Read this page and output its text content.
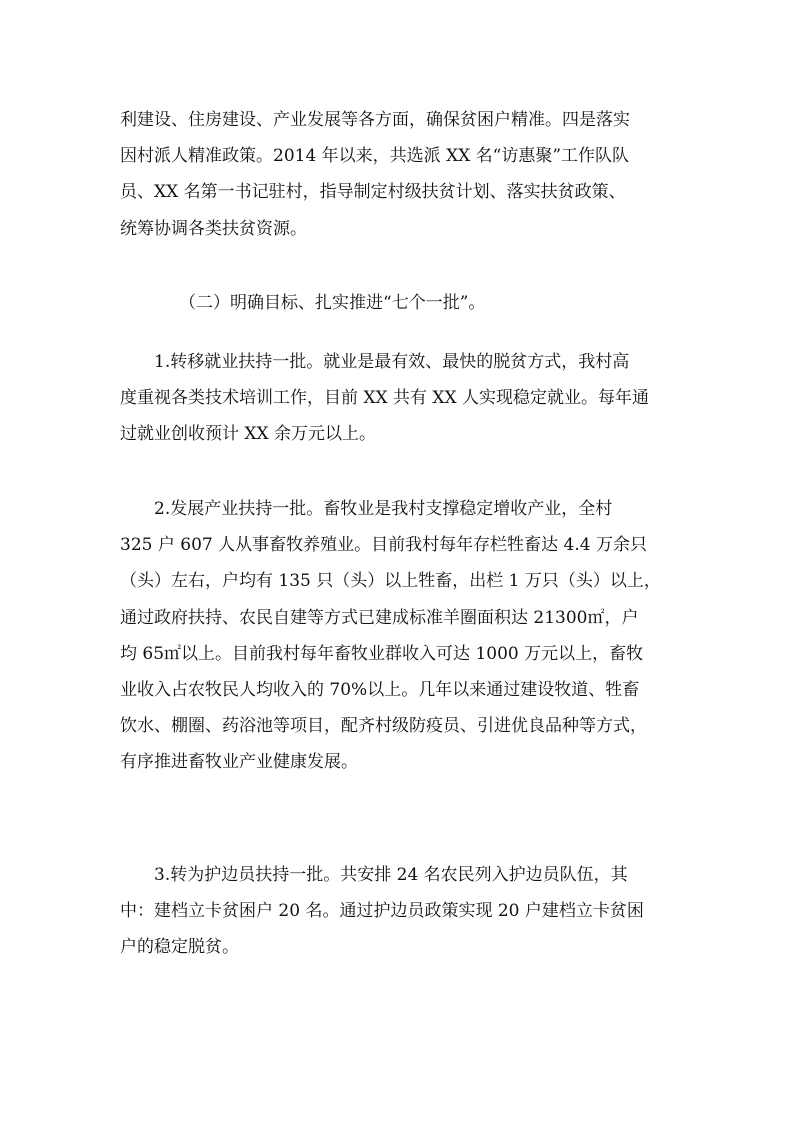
利建设、住房建设、产业发展等各方面，确保贫困户精准。四是落实
因村派人精准政策。2014 年以来，共选派 XX 名“访惠聚”工作队队
员、XX 名第一书记驻村，指导制定村级扶贫计划、落实扶贫政策、
统筹协调各类扶贫资源。

（二）明确目标、扎实推进“七个一批”。

1.转移就业扶持一批。就业是最有效、最快的脱贫方式，我村高
度重视各类技术培训工作，目前 XX 共有 XX 人实现稳定就业。每年通
过就业创收预计 XX 余万元以上。

2.发展产业扶持一批。畜牧业是我村支撑稳定增收产业，全村
325 户 607 人从事畜牧养殖业。目前我村每年存栏牲畜达 4.4 万余只
（头）左右，户均有 135 只（头）以上牲畜，出栏 1 万只（头）以上，
通过政府扶持、农民自建等方式已建成标准羊圈面积达 21300㎡，户
均 65㎡以上。目前我村每年畜牧业群收入可达 1000 万元以上，畜牧
业收入占农牧民人均收入的 70%以上。几年以来通过建设牧道、牲畜
饮水、棚圈、药浴池等项目，配齐村级防疫员、引进优良品种等方式，
有序推进畜牧业产业健康发展。

3.转为护边员扶持一批。共安排 24 名农民列入护边员队伍，其
中：建档立卡贫困户 20 名。通过护边员政策实现 20 户建档立卡贫困
户的稳定脱贫。
